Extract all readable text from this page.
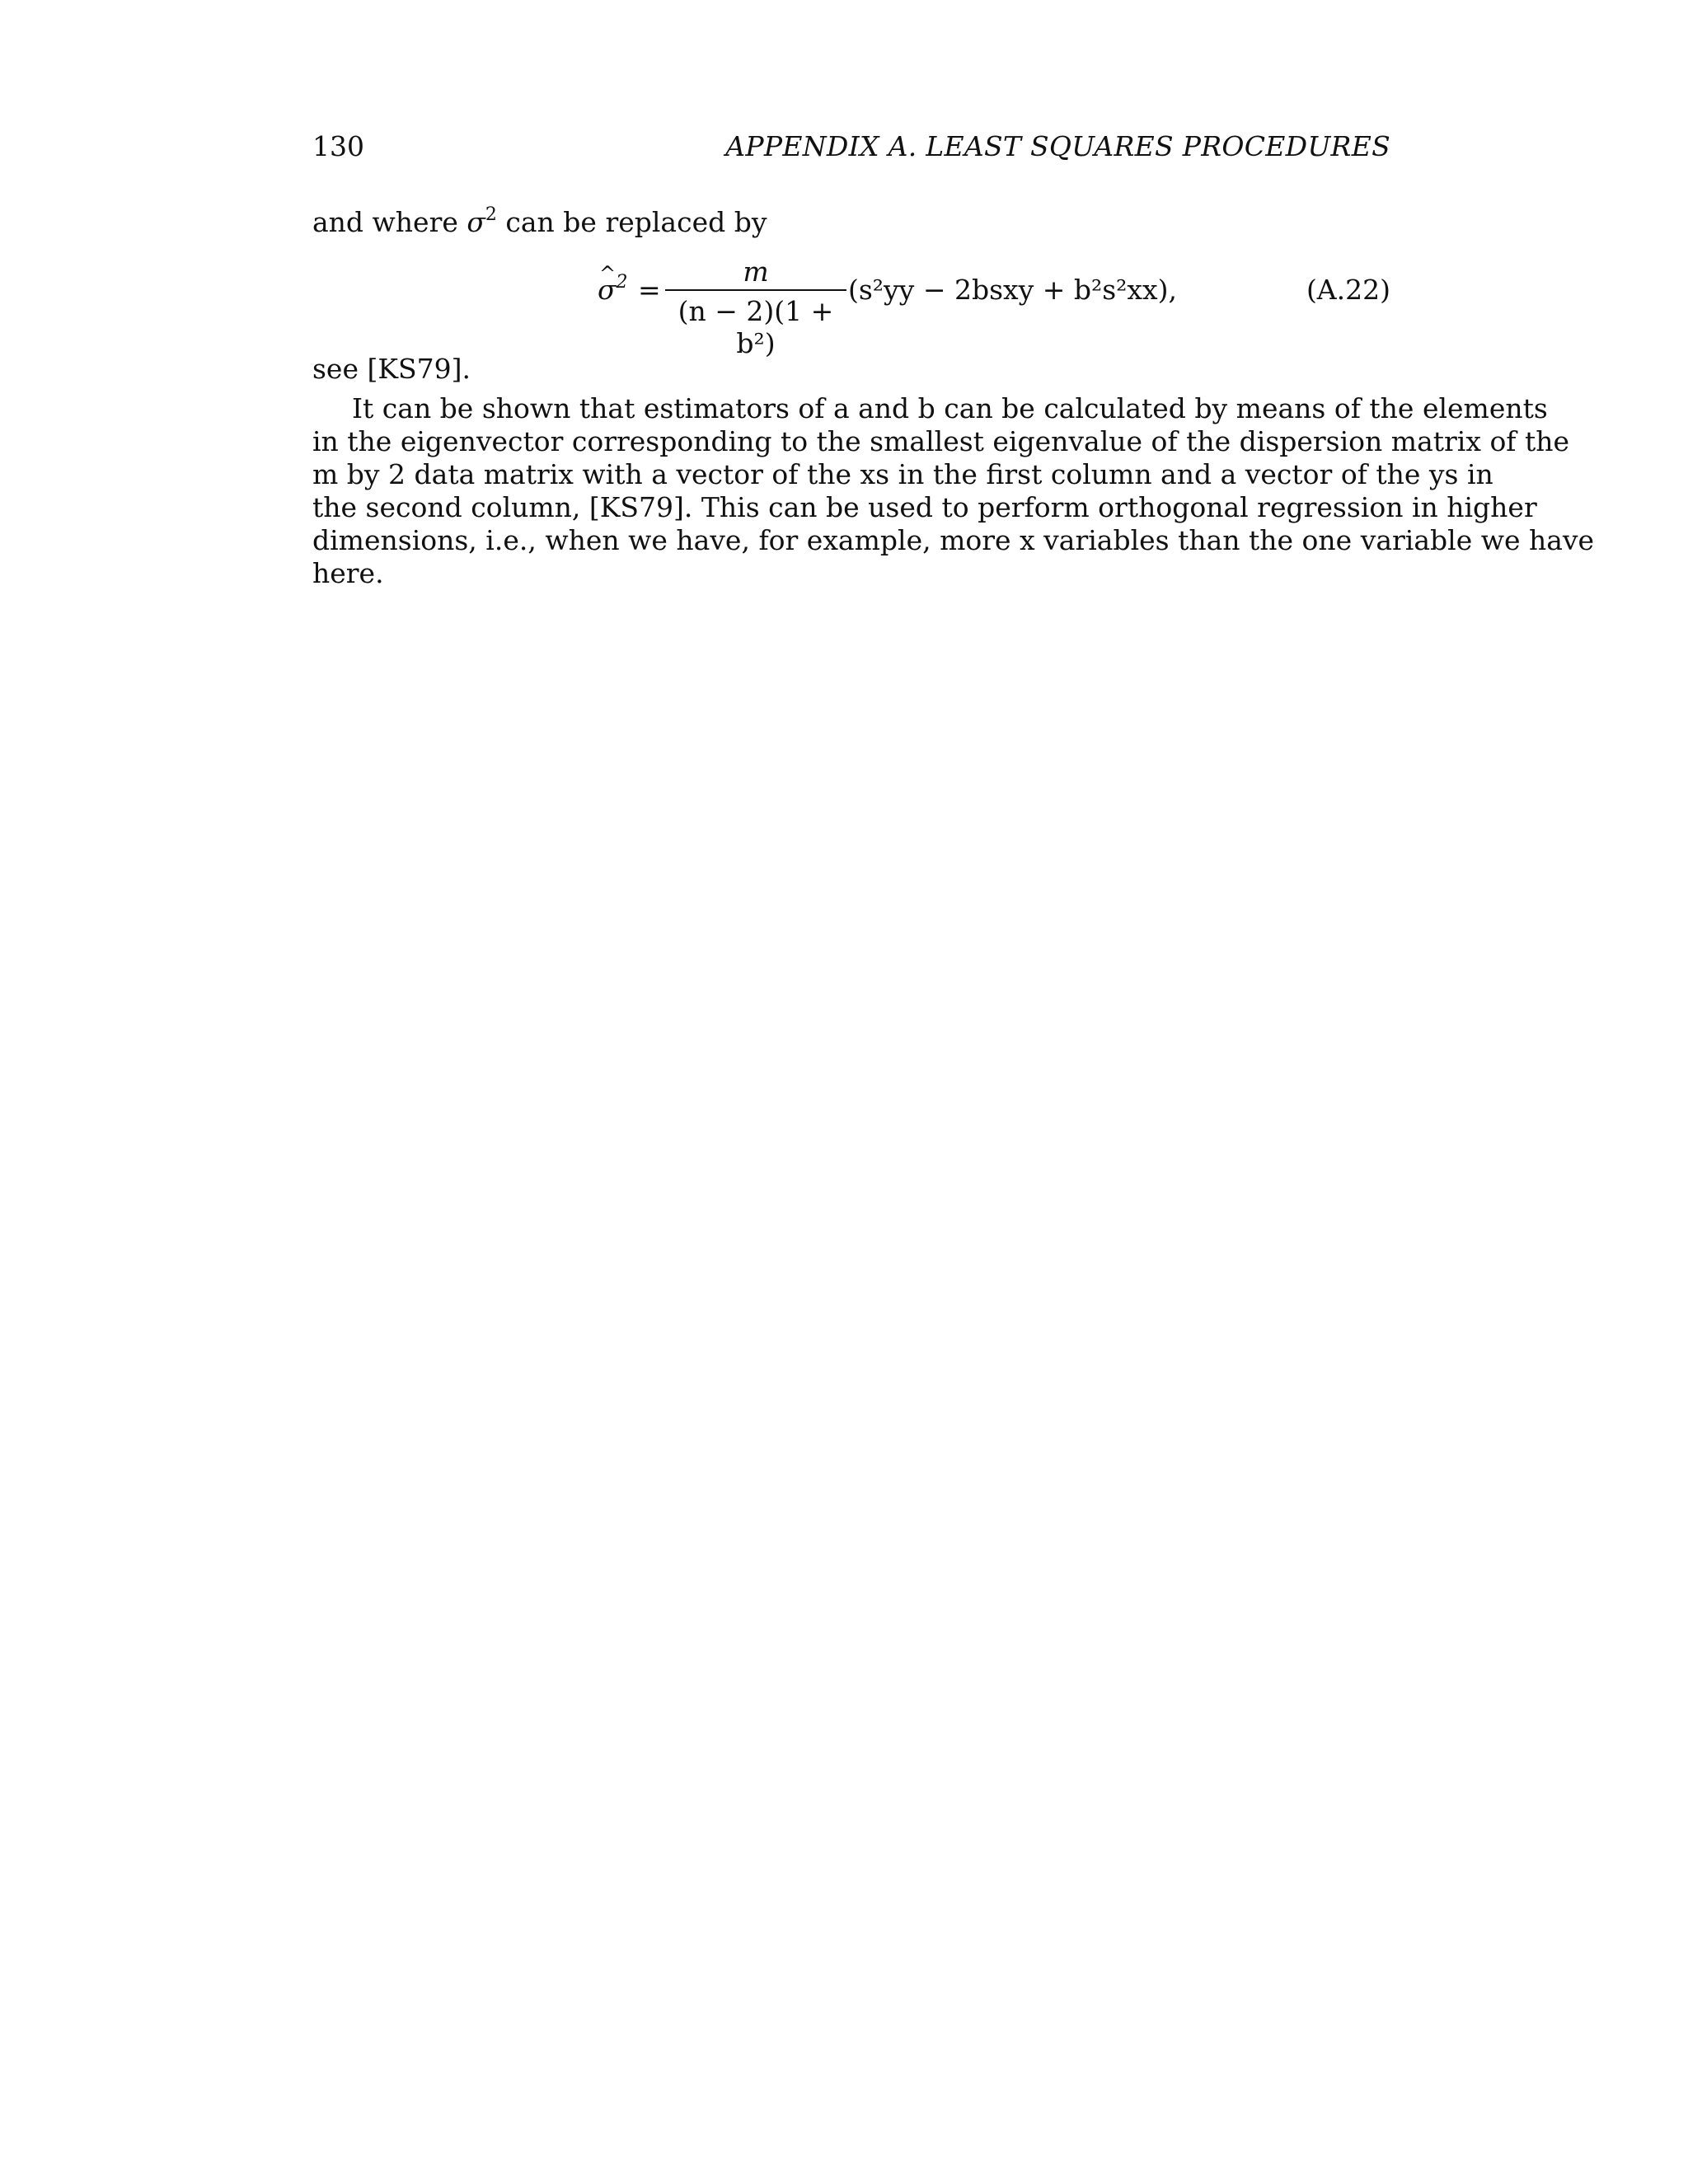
130	APPENDIX A. LEAST SQUARES PROCEDURES
and where $\sigma^2$ can be replaced by
^ $\sigma^2$ =
m
(n − 2)(1 + b²)
(s²yy − 2bsxy + b²s²xx),	(A.22)
see [KS79].
It can be shown that estimators of a and b can be calculated by means of the elements
in the eigenvector corresponding to the smallest eigenvalue of the dispersion matrix of the
m by 2 data matrix with a vector of the xs in the first column and a vector of the ys in
the second column, [KS79]. This can be used to perform orthogonal regression in higher
dimensions, i.e., when we have, for example, more x variables than the one variable we have
here.
